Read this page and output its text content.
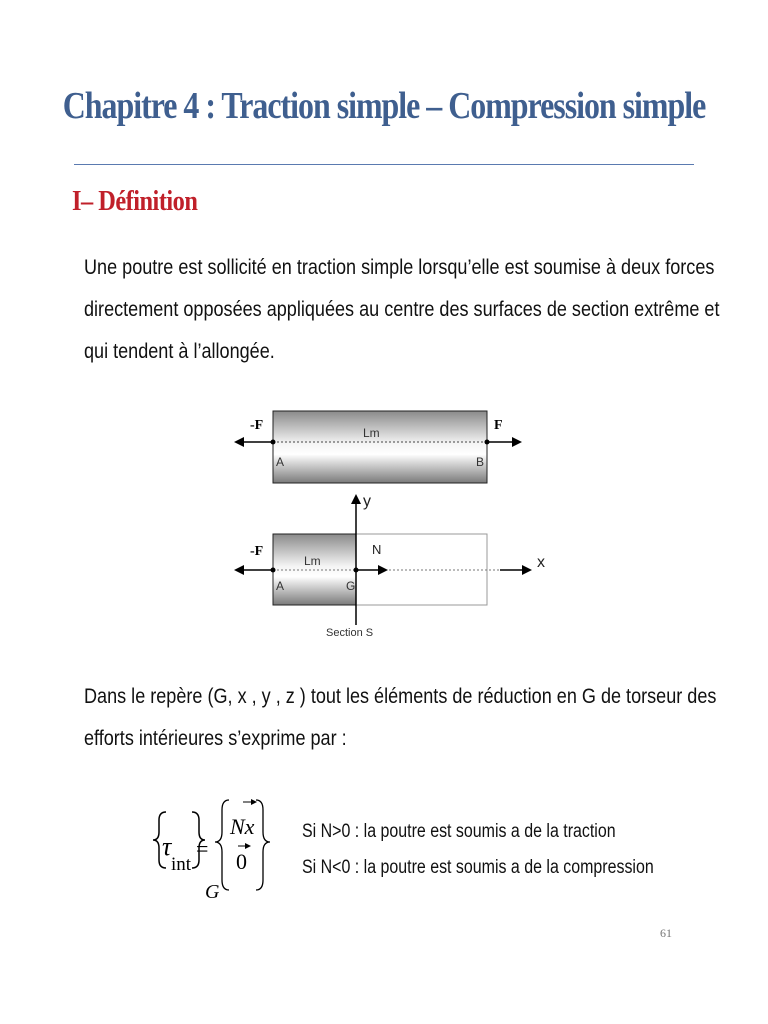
Chapitre 4 : Traction simple – Compression simple
I– Définition
Une poutre est sollicité en traction simple lorsqu’elle est soumise à deux forces
directement opposées appliquées au centre des surfaces de section extrême et
qui tendent à l’allongée.
-F	F
Lm
A	B
-F
Lm
A	G
N
x
y
Section S
Dans le repère (G, x , y , z ) tout les éléments de réduction en G de torseur des
efforts intérieures s’exprime par :
τ
int
=
G
Nx
0
Si N>0 : la poutre est soumis a de la traction
Si N<0 : la poutre est soumis a de la compression
61
